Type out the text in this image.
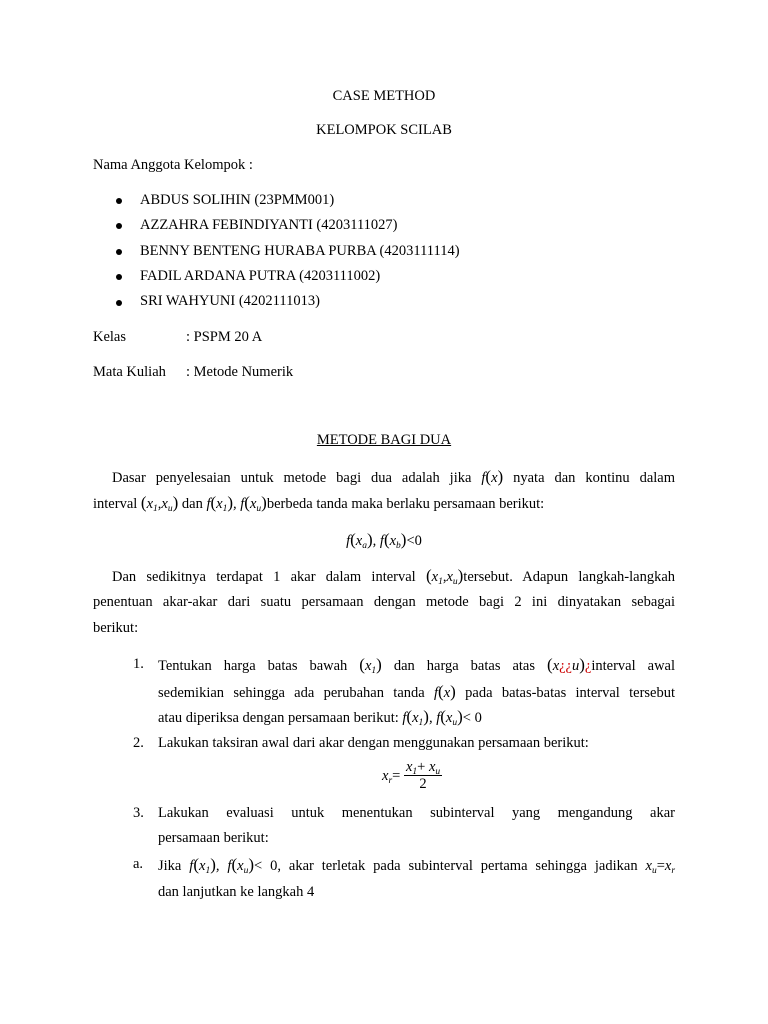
CASE METHOD
KELOMPOK SCILAB
Nama Anggota Kelompok :
ABDUS SOLIHIN (23PMM001)
AZZAHRA FEBINDIYANTI (4203111027)
BENNY BENTENG HURABA PURBA (4203111114)
FADIL ARDANA PUTRA (4203111002)
SRI WAHYUNI (4202111013)
Kelas	: PSPM 20 A
Mata Kuliah : Metode Numerik
METODE BAGI DUA
Dasar penyelesaian untuk metode bagi dua adalah jika f(x) nyata dan kontinu dalam
interval $(x_1,x_u)$ dan $f(x_1)$, $f(x_u)berbeda$ tanda maka berlaku persamaan berikut:
$f(x_a)$, $f(x_b)<0$
Dan sedikitnya terdapat 1 akar dalam interval $(x_1,x_u)tersebut$. Adapun langkah-langkah
penentuan akar-akar dari suatu persamaan dengan metode bagi 2 ini dinyatakan sebagai
berikut:
1. Tentukan harga batas bawah $(x_1)$ dan harga batas atas (x¿¿u)¿interval awal
sedemikian sehingga ada perubahan tanda f(x) pada batas-batas interval tersebut
atau diperiksa dengan persamaan berikut: $f(x_1)$, $f(x_u)< 0$
2. Lakukan taksiran awal dari akar dengan menggunakan persamaan berikut:
$x_r= \frac{x_1+ x_u}{2}$
3. Lakukan evaluasi untuk menentukan subinterval yang mengandung akar
persamaan berikut:
a. Jika $f(x_1)$, $f(x_u)< 0$, akar terletak pada subinterval pertama sehingga jadikan $x_u=x_r$
dan lanjutkan ke langkah 4
